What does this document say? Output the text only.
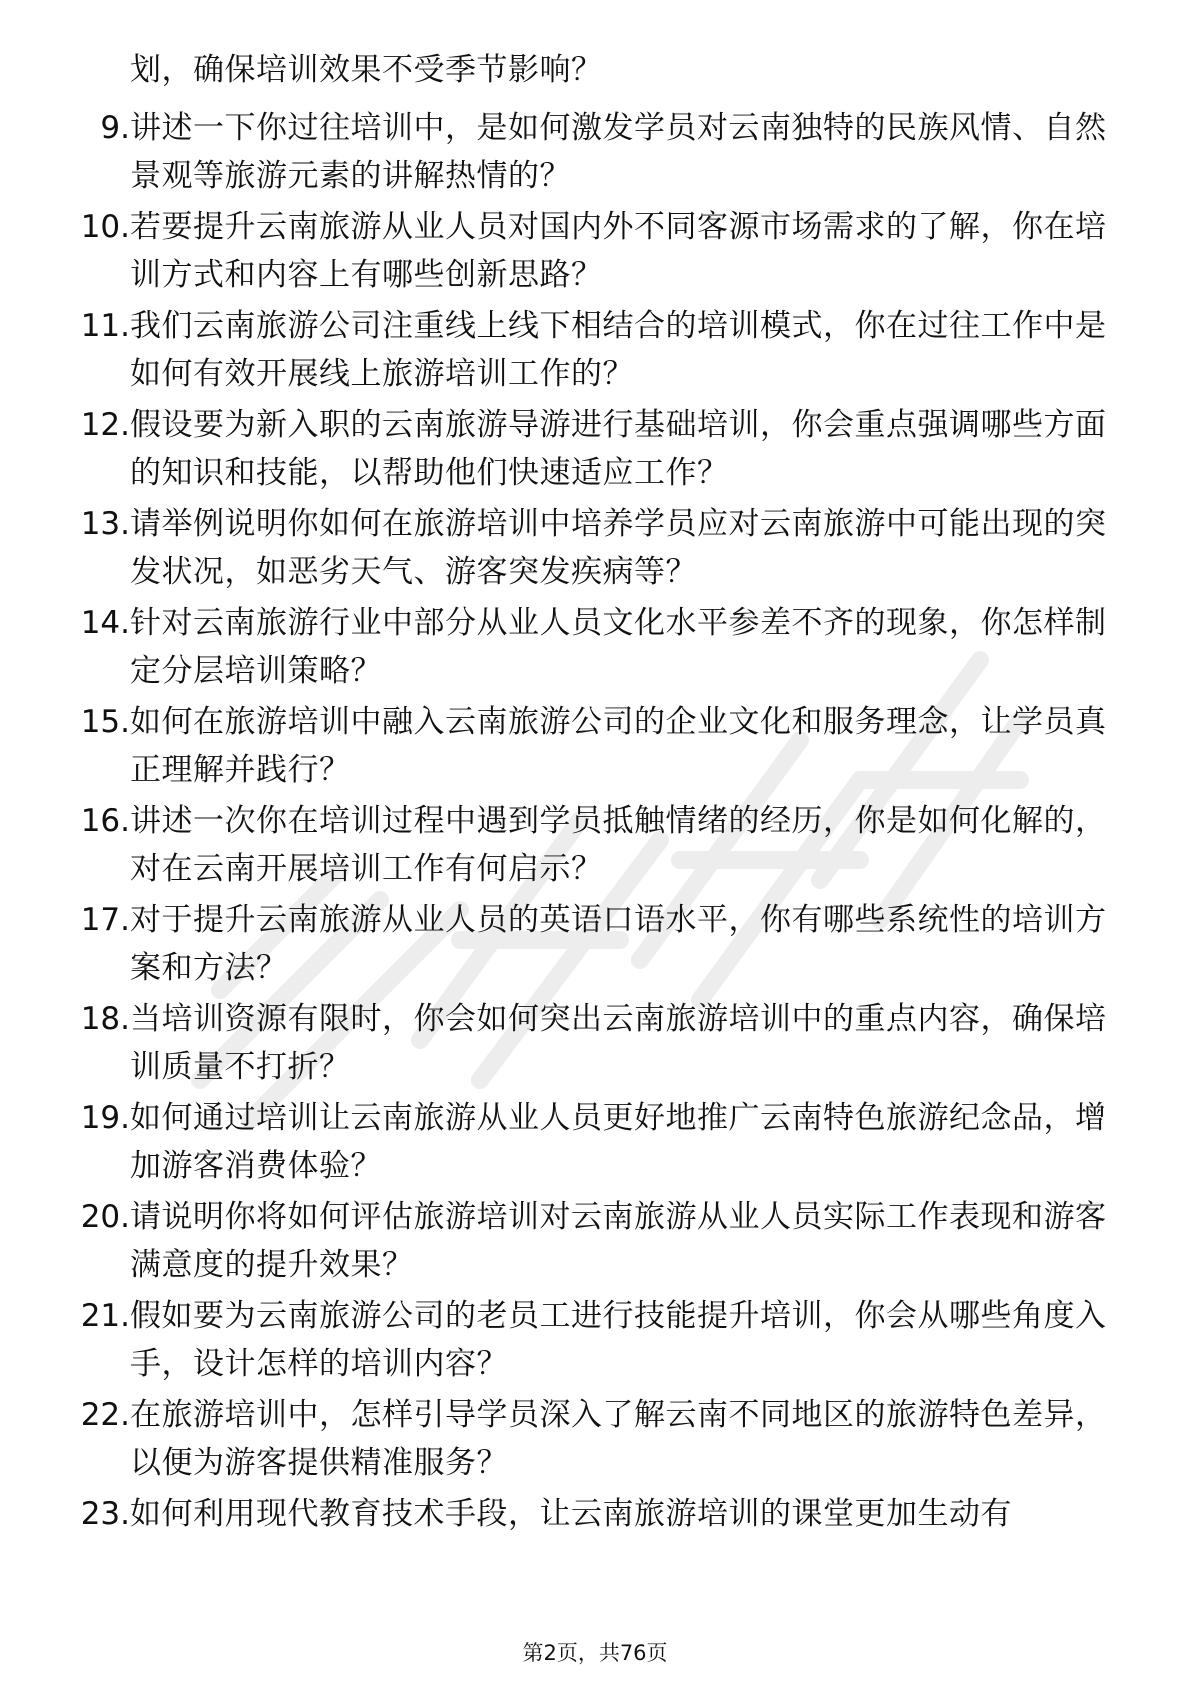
划，确保培训效果不受季节影响？
9. 讲述一下你过往培训中，是如何激发学员对云南独特的民族风情、自然景观等旅游元素的讲解热情的？
10. 若要提升云南旅游从业人员对国内外不同客源市场需求的了解，你在培训方式和内容上有哪些创新思路？
11. 我们云南旅游公司注重线上线下相结合的培训模式，你在过往工作中是如何有效开展线上旅游培训工作的？
12. 假设要为新入职的云南旅游导游进行基础培训，你会重点强调哪些方面的知识和技能，以帮助他们快速适应工作？
13. 请举例说明你如何在旅游培训中培养学员应对云南旅游中可能出现的突发状况，如恶劣天气、游客突发疾病等？
14. 针对云南旅游行业中部分从业人员文化水平参差不齐的现象，你怎样制定分层培训策略？
15. 如何在旅游培训中融入云南旅游公司的企业文化和服务理念，让学员真正理解并践行？
16. 讲述一次你在培训过程中遇到学员抵触情绪的经历，你是如何化解的，对在云南开展培训工作有何启示？
17. 对于提升云南旅游从业人员的英语口语水平，你有哪些系统性的培训方案和方法？
18. 当培训资源有限时，你会如何突出云南旅游培训中的重点内容，确保培训质量不打折？
19. 如何通过培训让云南旅游从业人员更好地推广云南特色旅游纪念品，增加游客消费体验？
20. 请说明你将如何评估旅游培训对云南旅游从业人员实际工作表现和游客满意度的提升效果？
21. 假如要为云南旅游公司的老员工进行技能提升培训，你会从哪些角度入手，设计怎样的培训内容？
22. 在旅游培训中，怎样引导学员深入了解云南不同地区的旅游特色差异，以便为游客提供精准服务？
23. 如何利用现代教育技术手段，让云南旅游培训的课堂更加生动有
第2页，共76页
